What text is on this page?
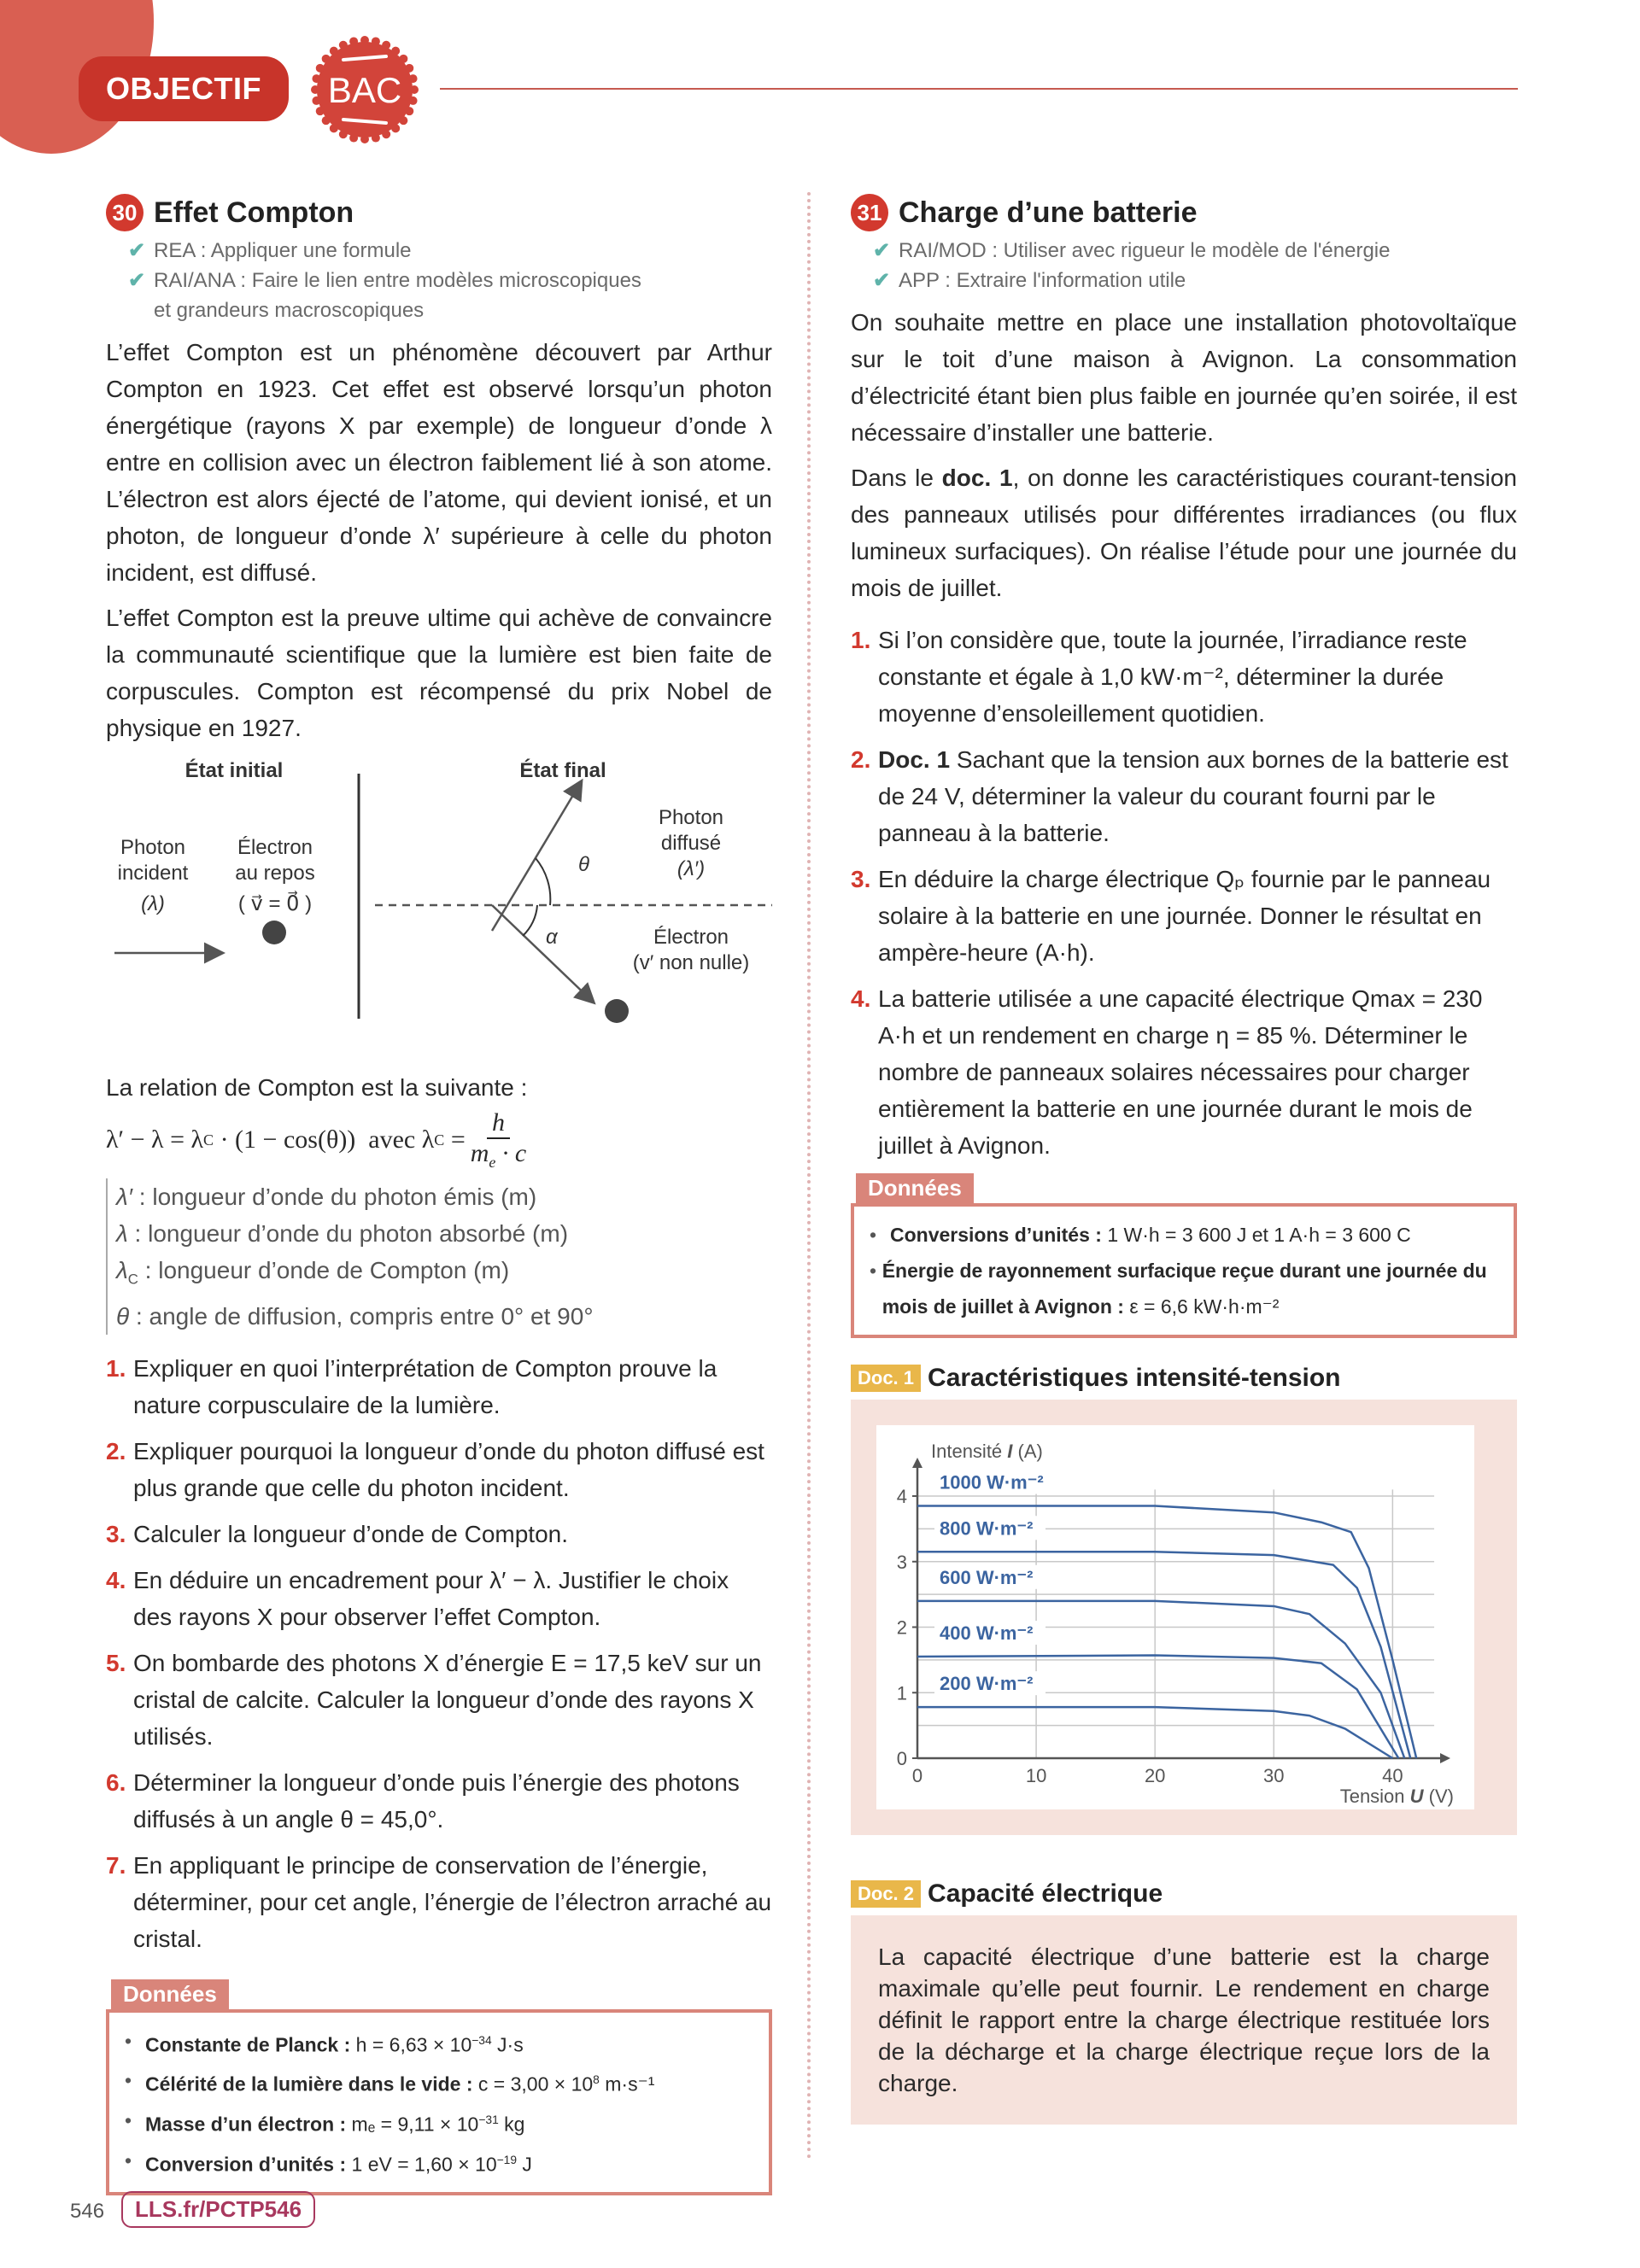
OBJECTIF BAC
30 Effet Compton
✔ REA : Appliquer une formule
✔ RAI/ANA : Faire le lien entre modèles microscopiques
et grandeurs macroscopiques

L’effet Compton est un phénomène découvert par Arthur Compton en 1923. Cet effet est observé lorsqu’un photon énergétique (rayons X par exemple) de longueur d’onde λ entre en collision avec un électron faiblement lié à son atome. L’électron est alors éjecté de l’atome, qui devient ionisé, et un photon, de longueur d’onde λ′ supérieure à celle du photon incident, est diffusé.

L’effet Compton est la preuve ultime qui achève de convaincre la communauté scientifique que la lumière est bien faite de corpuscules. Compton est récompensé du prix Nobel de physique en 1927.

État initial	État final
Photon
incident
(λ)
Électron
au repos
( v⃗ = 0⃗ )
Photon
diffusé
(λ′)
Électron
(v′ non nulle)
θ
α
La relation de Compton est la suivante :
λ′ − λ = λ C · (1 − cos(θ))  avec λ $C = \frac{h}{m_e \cdot c}$
λ′ : longueur d’onde du photon émis (m)
λ : longueur d’onde du photon absorbé (m)
$\lambda_C$ : longueur d’onde de Compton (m)
θ : angle de diffusion, compris entre 0° et 90°
1. Expliquer en quoi l’interprétation de Compton prouve la nature corpusculaire de la lumière.
2. Expliquer pourquoi la longueur d’onde du photon diffusé est plus grande que celle du photon incident.
3. Calculer la longueur d’onde de Compton.
4. En déduire un encadrement pour λ′ − λ. Justifier le choix des rayons X pour observer l’effet Compton.
5. On bombarde des photons X d’énergie E = 17,5 keV sur un cristal de calcite. Calculer la longueur d’onde des rayons X utilisés.
6. Déterminer la longueur d’onde puis l’énergie des photons diffusés à un angle θ = 45,0°.
7. En appliquant le principe de conservation de l’énergie, déterminer, pour cet angle, l’énergie de l’électron arraché au cristal.
Données
• Constante de Planck : $h = 6,63 \times 10^{-34}$ J·s
• Célérité de la lumière dans le vide : $c = 3,00 \times 10^8$ m·s⁻¹
• Masse d’un électron : $m_e = 9,11 \times 10^{-31}$ kg
• Conversion d’unités : 1 eV = $1,60 \times 10^{-19}$ J
31 Charge d’une batterie
✔ RAI/MOD : Utiliser avec rigueur le modèle de l'énergie
✔ APP : Extraire l'information utile

On souhaite mettre en place une installation photovoltaïque sur le toit d’une maison à Avignon. La consommation d’électricité étant bien plus faible en journée qu’en soirée, il est nécessaire d’installer une batterie.

Dans le doc. 1, on donne les caractéristiques courant-tension des panneaux utilisés pour différentes irradiances (ou flux lumineux surfaciques). On réalise l’étude pour une journée du mois de juillet.

1. Si l’on considère que, toute la journée, l’irradiance reste constante et égale à 1,0 kW·m⁻², déterminer la durée moyenne d’ensoleillement quotidien.
2. Doc. 1 Sachant que la tension aux bornes de la batterie est de 24 V, déterminer la valeur du courant fourni par le panneau à la batterie.
3. En déduire la charge électrique Qₚ fournie par le panneau solaire à la batterie en une journée. Donner le résultat en ampère-heure (A·h).
4. La batterie utilisée a une capacité électrique Qmax = 230 A·h et un rendement en charge η = 85 %. Déterminer le nombre de panneaux solaires nécessaires pour charger entièrement la batterie en une journée durant le mois de juillet à Avignon.
Données
• Conversions d’unités : 1 W·h = 3 600 J et 1 A·h = 3 600 C
• Énergie de rayonnement surfacique reçue durant une journée du mois de juillet à Avignon : ε = 6,6 kW·h·m⁻²
Doc. 1 Caractéristiques intensité-tension
0
1
2
3
4
0	10	20	30	40
Intensité I (A)
Tension U (V)
1000 W·m⁻²
800 W·m⁻²
600 W·m⁻²
400 W·m⁻²
200 W·m⁻²
Doc. 2 Capacité électrique

La capacité électrique d’une batterie est la charge maximale qu’elle peut fournir. Le rendement en charge définit le rapport entre la charge électrique restituée lors de la décharge et la charge électrique reçue lors de la charge.

546	LLS.fr/PCTP546
